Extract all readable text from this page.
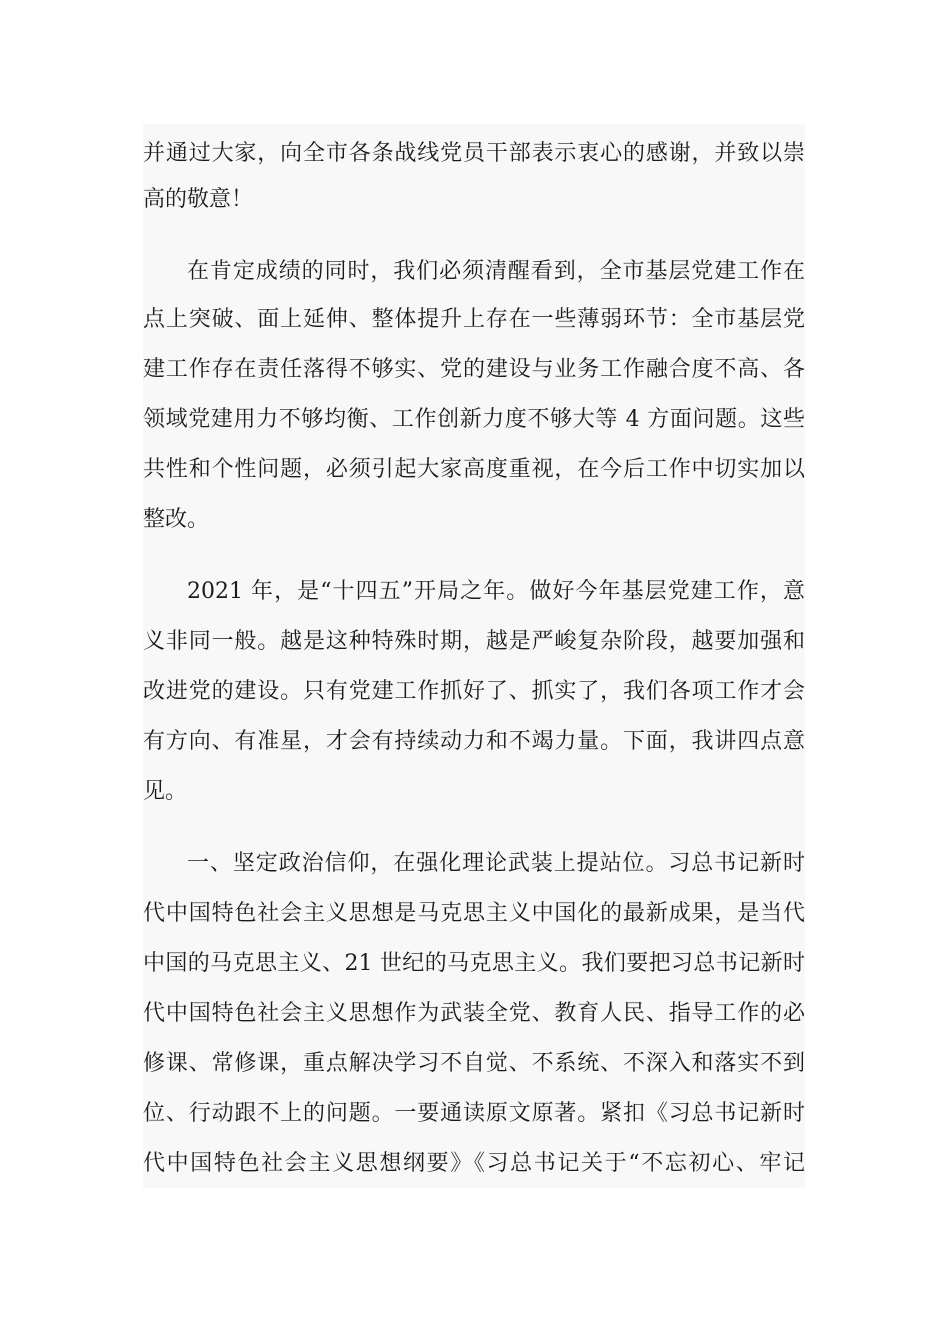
并通过大家，向全市各条战线党员干部表示衷心的感谢，并致以崇
高的敬意！
在肯定成绩的同时，我们必须清醒看到，全市基层党建工作在
点上突破、面上延伸、整体提升上存在一些薄弱环节：全市基层党
建工作存在责任落得不够实、党的建设与业务工作融合度不高、各
领域党建用力不够均衡、工作创新力度不够大等 4 方面问题。这些
共性和个性问题，必须引起大家高度重视，在今后工作中切实加以
整改。
2021 年，是“十四五”开局之年。做好今年基层党建工作，意
义非同一般。越是这种特殊时期，越是严峻复杂阶段，越要加强和
改进党的建设。只有党建工作抓好了、抓实了，我们各项工作才会
有方向、有准星，才会有持续动力和不竭力量。下面，我讲四点意
见。
一、坚定政治信仰，在强化理论武装上提站位。习总书记新时
代中国特色社会主义思想是马克思主义中国化的最新成果，是当代
中国的马克思主义、21 世纪的马克思主义。我们要把习总书记新时
代中国特色社会主义思想作为武装全党、教育人民、指导工作的必
修课、常修课，重点解决学习不自觉、不系统、不深入和落实不到
位、行动跟不上的问题。一要通读原文原著。紧扣《习总书记新时
代中国特色社会主义思想纲要》《习总书记关于“不忘初心、牢记
